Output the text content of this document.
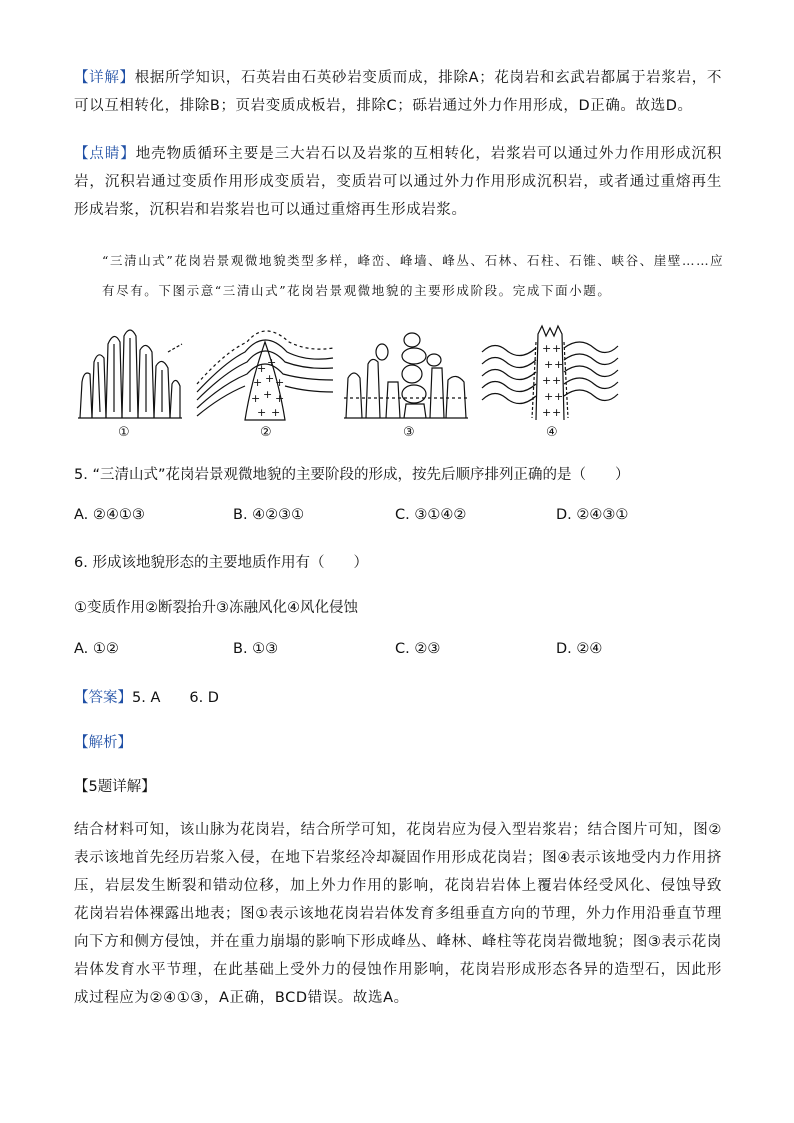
【详解】根据所学知识，石英岩由石英砂岩变质而成，排除A；花岗岩和玄武岩都属于岩浆岩，不可以互相转化，排除B；页岩变质成板岩，排除C；砾岩通过外力作用形成，D正确。故选D。
【点睛】地壳物质循环主要是三大岩石以及岩浆的互相转化，岩浆岩可以通过外力作用形成沉积岩，沉积岩通过变质作用形成变质岩，变质岩可以通过外力作用形成沉积岩，或者通过重熔再生形成岩浆，沉积岩和岩浆岩也可以通过重熔再生形成岩浆。
“三清山式”花岗岩景观微地貌类型多样，峰峦、峰墙、峰丛、石林、石柱、石锥、峡谷、崖壁……应有尽有。下图示意“三清山式”花岗岩景观微地貌的主要形成阶段。完成下面小题。
+ +
+ + +
+ + +
+ +
+ +
+ +
+ +
+ +
+ +
①	②	③	④
5. “三清山式”花岗岩景观微地貌的主要阶段的形成，按先后顺序排列正确的是（　　）
A. ②④①③	B. ④②③①	C. ③①④②	D. ②④③①
6. 形成该地貌形态的主要地质作用有（　　）
①变质作用②断裂抬升③冻融风化④风化侵蚀
A. ①②	B. ①③	C. ②③	D. ②④
【答案】5. A　　6. D
【解析】
【5题详解】
结合材料可知，该山脉为花岗岩，结合所学可知，花岗岩应为侵入型岩浆岩；结合图片可知，图②表示该地首先经历岩浆入侵，在地下岩浆经冷却凝固作用形成花岗岩；图④表示该地受内力作用挤压，岩层发生断裂和错动位移，加上外力作用的影响，花岗岩岩体上覆岩体经受风化、侵蚀导致花岗岩岩体裸露出地表；图①表示该地花岗岩岩体发育多组垂直方向的节理，外力作用沿垂直节理向下方和侧方侵蚀，并在重力崩塌的影响下形成峰丛、峰林、峰柱等花岗岩微地貌；图③表示花岗岩体发育水平节理，在此基础上受外力的侵蚀作用影响，花岗岩形成形态各异的造型石，因此形成过程应为②④①③，A正确，BCD错误。故选A。
